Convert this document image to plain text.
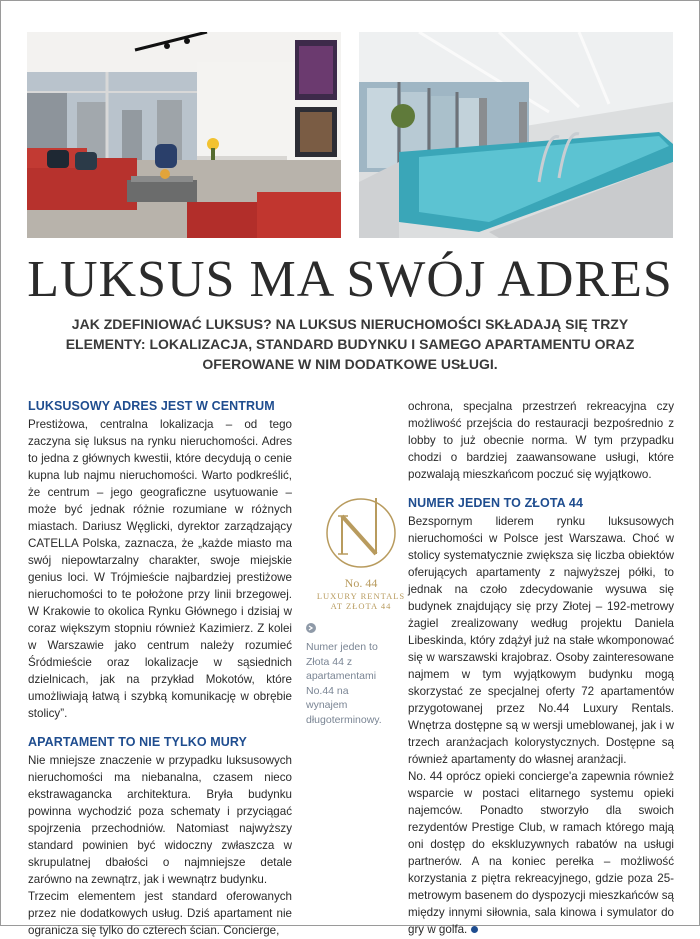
LUKSUS MA SWÓJ ADRES

JAK ZDEFINIOWAĆ LUKSUS? NA LUKSUS NIERUCHOMOŚCI SKŁADAJĄ SIĘ TRZY ELEMENTY: LOKALIZACJA, STANDARD BUDYNKU I SAMEGO APARTAMENTU ORAZ OFEROWANE W NIM DODATKOWE USŁUGI.

LUKSUSOWY ADRES JEST W CENTRUM

Prestiżowa, centralna lokalizacja – od tego zaczyna się luksus na rynku nieruchomości. Adres to jedna z głównych kwestii, które decydują o cenie kupna lub najmu nieruchomości. Warto podkreślić, że centrum – jego geograficzne usytuowanie – może być jednak różnie rozumiane w różnych miastach. Dariusz Węglicki, dyrektor zarządzający CATELLA Polska, zaznacza, że „każde miasto ma swój niepowtarzalny charakter, swoje miejskie genius loci. W Trójmieście najbardziej prestiżowe nieruchomości to te położone przy linii brzegowej. W Krakowie to okolica Rynku Głównego i dzisiaj w coraz większym stopniu również Kazimierz. Z kolei w Warszawie jako centrum należy rozumieć Śródmieście oraz lokalizacje w sąsiednich dzielnicach, jak na przykład Mokotów, które umożliwiają łatwą i szybką komunikację w obrębie stolicy”.

APARTAMENT TO NIE TYLKO MURY

Nie mniejsze znaczenie w przypadku luksusowych nieruchomości ma niebanalna, czasem nieco ekstrawagancka architektura. Bryła budynku powinna wychodzić poza schematy i przyciągać spojrzenia przechodniów. Natomiast najwyższy standard powinien być widoczny zwłaszcza w skrupulatnej dbałości o najmniejsze detale zarówno na zewnątrz, jak i wewnątrz budynku.

Trzecim elementem jest standard oferowanych przez nie dodatkowych usług. Dziś apartament nie ogranicza się tylko do czterech ścian. Concierge,

No. 44
LUXURY RENTALS
AT ZŁOTA 44
Numer jeden to Złota 44 z apartamentami No.44 na wynajem długoterminowy.

ochrona, specjalna przestrzeń rekreacyjna czy możliwość przejścia do restauracji bezpośrednio z lobby to już obecnie norma. W tym przypadku chodzi o bardziej zaawansowane usługi, które pozwalają mieszkańcom poczuć się wyjątkowo.

NUMER JEDEN TO ZŁOTA 44

Bezspornym liderem rynku luksusowych nieruchomości w Polsce jest Warszawa. Choć w stolicy systematycznie zwiększa się liczba obiektów oferujących apartamenty z najwyższej półki, to jednak na czoło zdecydowanie wysuwa się budynek znajdujący się przy Złotej – 192-metrowy żagiel zrealizowany według projektu Daniela Libeskinda, który zdążył już na stałe wkomponować się w warszawski krajobraz. Osoby zainteresowane najmem w tym wyjątkowym budynku mogą skorzystać ze specjalnej oferty 72 apartamentów przygotowanej przez No.44 Luxury Rentals. Wnętrza dostępne są w wersji umeblowanej, jak i w trzech aranżacjach kolorystycznych. Dostępne są również apartamenty do własnej aranżacji.

No. 44 oprócz opieki concierge'a zapewnia również wsparcie w postaci elitarnego systemu opieki najemców. Ponadto stworzyło dla swoich rezydentów Prestige Club, w ramach którego mają oni dostęp do ekskluzywnych rabatów na usługi partnerów. A na koniec perełka – możliwość korzystania z piętra rekreacyjnego, gdzie poza 25-metrowym basenem do dyspozycji mieszkańców są między innymi siłownia, sala kinowa i symulator do gry w golfa.
